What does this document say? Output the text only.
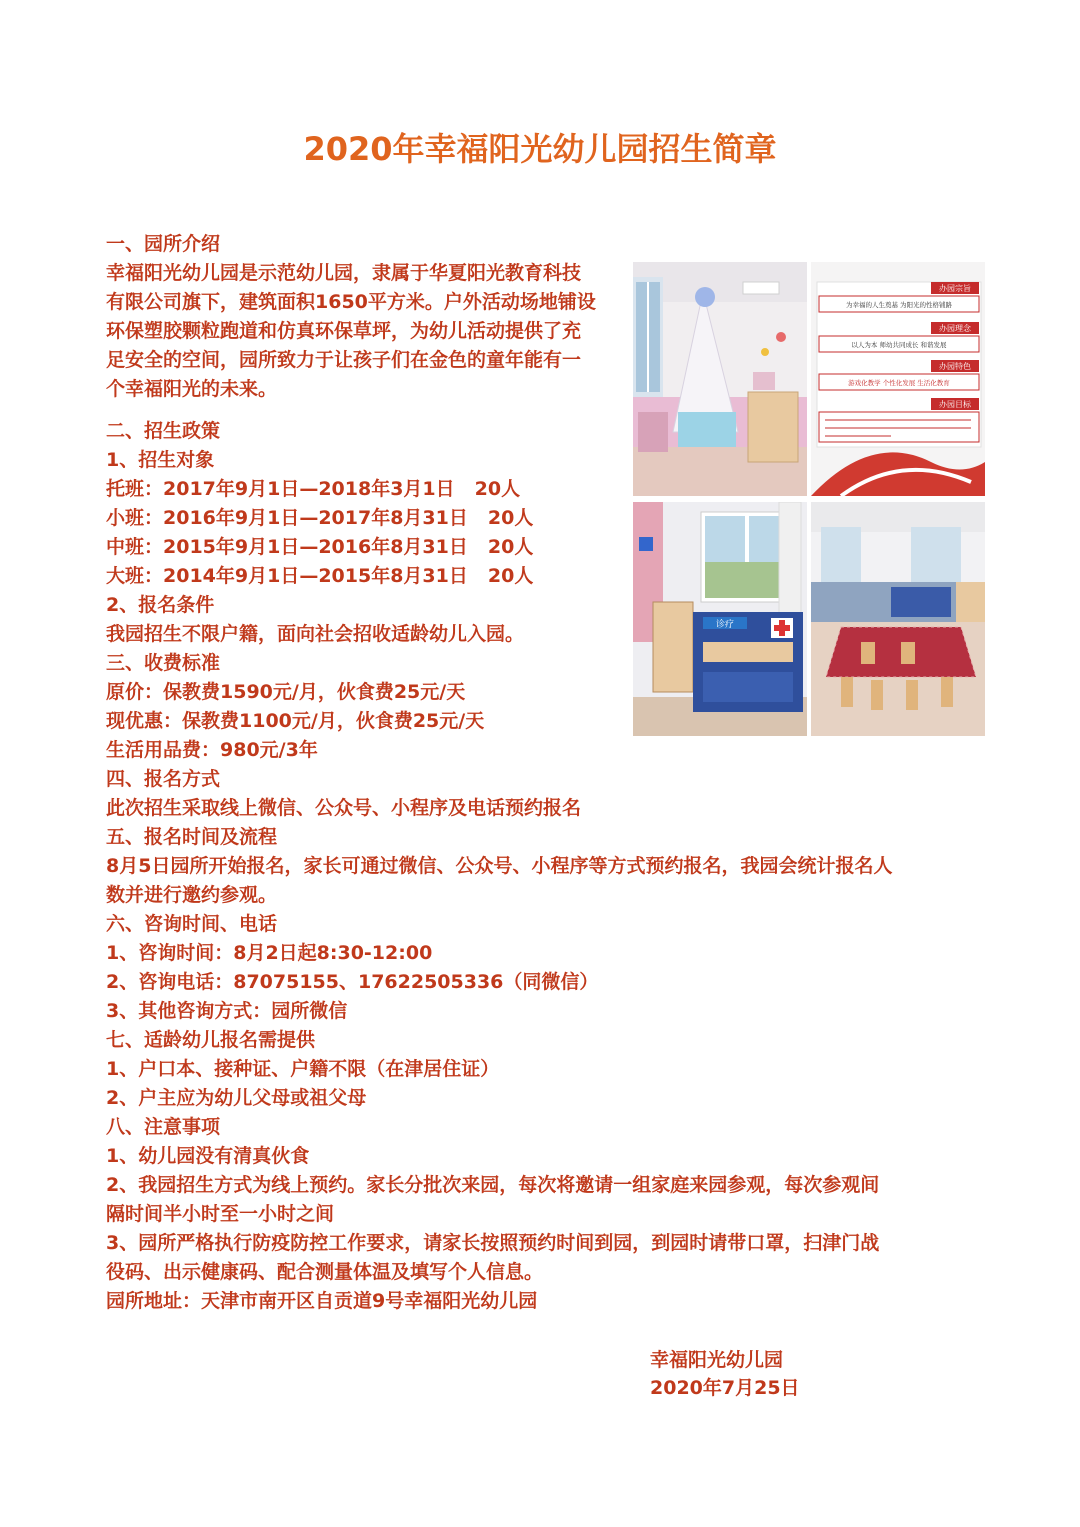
2020年幸福阳光幼儿园招生简章
办园宗旨
为幸福的人生奠基 为阳光的性格铺路
办园理念
以人为本 师幼共同成长 和谐发展
办园特色
游戏化教学 个性化发展 生活化教育
办园目标
诊疗
一、园所介绍
幸福阳光幼儿园是示范幼儿园，隶属于华夏阳光教育科技
有限公司旗下，建筑面积1650平方米。户外活动场地铺设
环保塑胶颗粒跑道和仿真环保草坪，为幼儿活动提供了充
足安全的空间，园所致力于让孩子们在金色的童年能有一
个幸福阳光的未来。
二、招生政策
1、招生对象
托班：2017年9月1日—2018年3月1日 20人
小班：2016年9月1日—2017年8月31日 20人
中班：2015年9月1日—2016年8月31日 20人
大班：2014年9月1日—2015年8月31日 20人
2、报名条件
我园招生不限户籍，面向社会招收适龄幼儿入园。
三、收费标准
原价：保教费1590元/月，伙食费25元/天
现优惠：保教费1100元/月，伙食费25元/天
生活用品费：980元/3年
四、报名方式
此次招生采取线上微信、公众号、小程序及电话预约报名
五、报名时间及流程
8月5日园所开始报名，家长可通过微信、公众号、小程序等方式预约报名，我园会统计报名人
数并进行邀约参观。
六、咨询时间、电话
1、咨询时间：8月2日起8:30-12:00
2、咨询电话：87075155、17622505336（同微信）
3、其他咨询方式：园所微信
七、适龄幼儿报名需提供
1、户口本、接种证、户籍不限（在津居住证）
2、户主应为幼儿父母或祖父母
八、注意事项
1、幼儿园没有清真伙食
2、我园招生方式为线上预约。家长分批次来园，每次将邀请一组家庭来园参观，每次参观间
隔时间半小时至一小时之间
3、园所严格执行防疫防控工作要求，请家长按照预约时间到园，到园时请带口罩，扫津门战
役码、出示健康码、配合测量体温及填写个人信息。
园所地址：天津市南开区自贡道9号幸福阳光幼儿园
幸福阳光幼儿园
2020年7月25日
